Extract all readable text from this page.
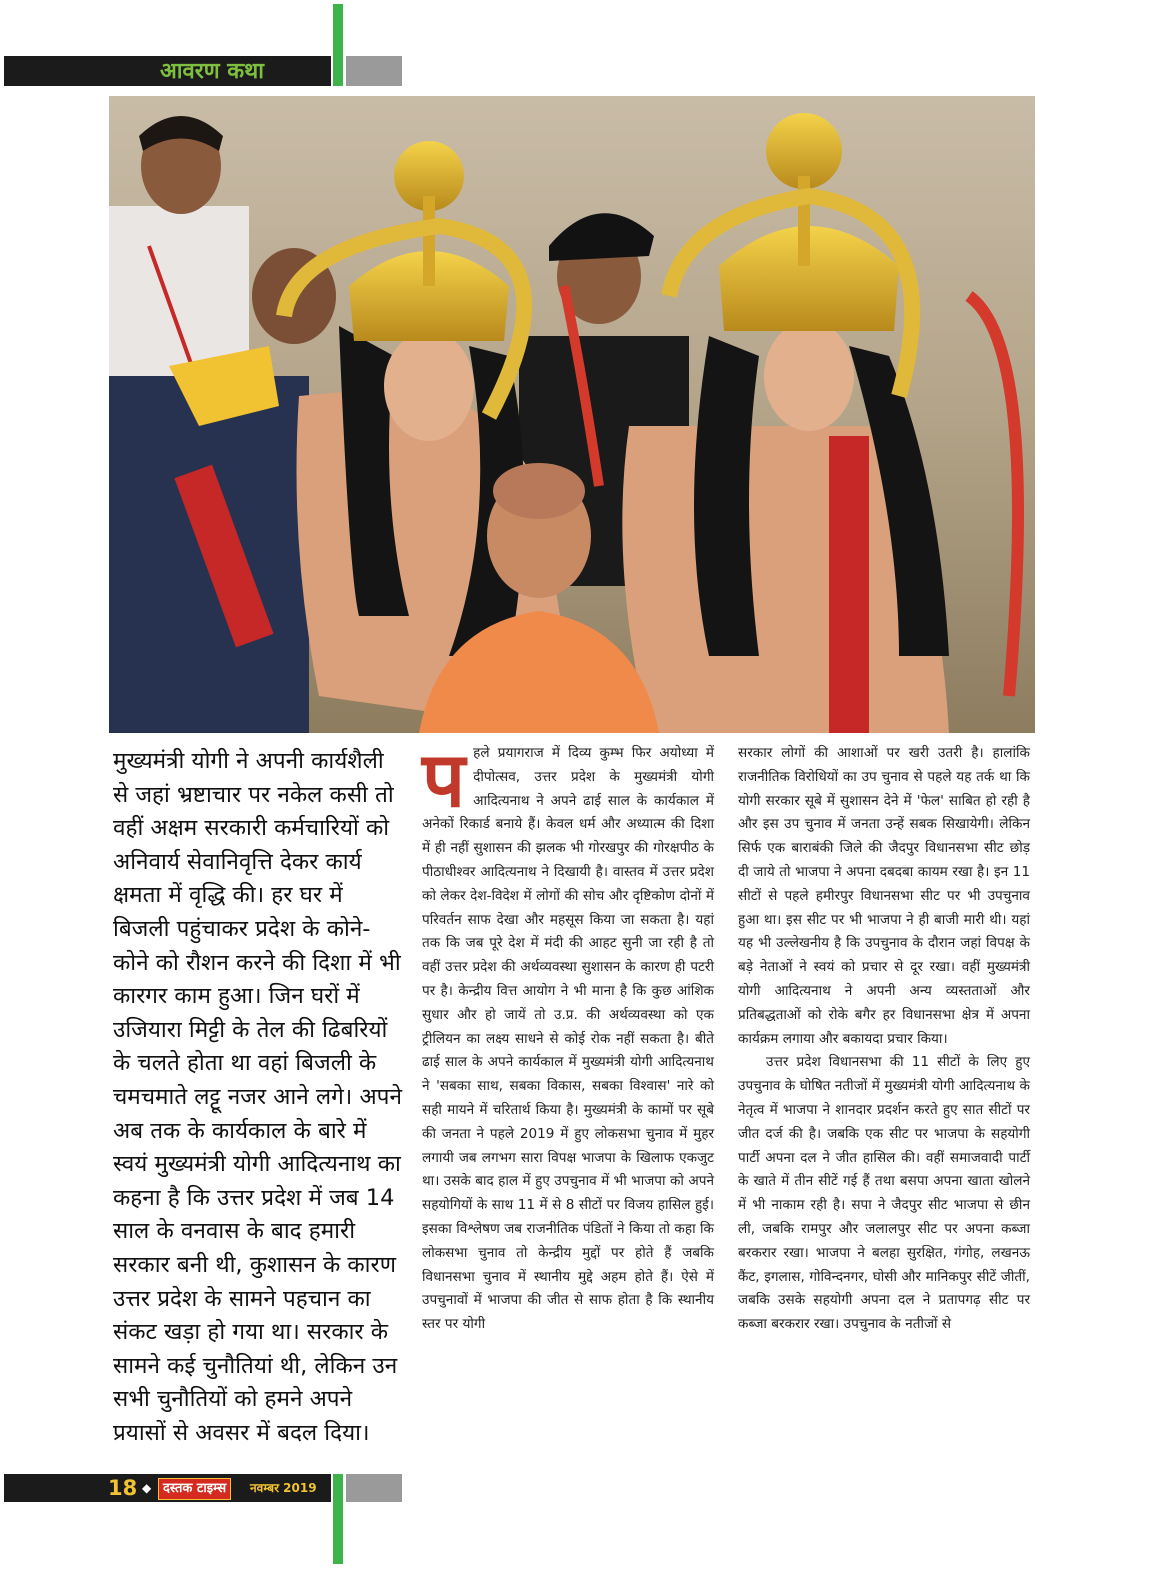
आवरण कथा
मुख्यमंत्री योगी ने अपनी कार्यशैली से जहां भ्रष्टाचार पर नकेल कसी तो वहीं अक्षम सरकारी कर्मचारियों को अनिवार्य सेवानिवृत्ति देकर कार्य क्षमता में वृद्धि की। हर घर में बिजली पहुंचाकर प्रदेश के कोने-कोने को रौशन करने की दिशा में भी कारगर काम हुआ। जिन घरों में उजियारा मिट्टी के तेल की ढिबरियों के चलते होता था वहां बिजली के चमचमाते लट्टू नजर आने लगे। अपने अब तक के कार्यकाल के बारे में स्वयं मुख्यमंत्री योगी आदित्यनाथ का कहना है कि उत्तर प्रदेश में जब 14 साल के वनवास के बाद हमारी सरकार बनी थी, कुशासन के कारण उत्तर प्रदेश के सामने पहचान का संकट खड़ा हो गया था। सरकार के सामने कई चुनौतियां थी, लेकिन उन सभी चुनौतियों को हमने अपने प्रयासों से अवसर में बदल दिया।

पहले प्रयागराज में दिव्य कुम्भ फिर अयोध्या में दीपोत्सव, उत्तर प्रदेश के मुख्यमंत्री योगी आदित्यनाथ ने अपने ढाई साल के कार्यकाल में अनेकों रिकार्ड बनाये हैं। केवल धर्म और अध्यात्म की दिशा में ही नहीं सुशासन की झलक भी गोरखपुर की गोरक्षपीठ के पीठाधीश्वर आदित्यनाथ ने दिखायी है। वास्तव में उत्तर प्रदेश को लेकर देश-विदेश में लोगों की सोच और दृष्टिकोण दोनों में परिवर्तन साफ देखा और महसूस किया जा सकता है। यहां तक कि जब पूरे देश में मंदी की आहट सुनी जा रही है तो वहीं उत्तर प्रदेश की अर्थव्यवस्था सुशासन के कारण ही पटरी पर है। केन्द्रीय वित्त आयोग ने भी माना है कि कुछ आंशिक सुधार और हो जायें तो उ.प्र. की अर्थव्यवस्था को एक ट्रीलियन का लक्ष्य साधने से कोई रोक नहीं सकता है। बीते ढाई साल के अपने कार्यकाल में मुख्यमंत्री योगी आदित्यनाथ ने 'सबका साथ, सबका विकास, सबका विश्वास' नारे को सही मायने में चरितार्थ किया है। मुख्यमंत्री के कामों पर सूबे की जनता ने पहले 2019 में हुए लोकसभा चुनाव में मुहर लगायी जब लगभग सारा विपक्ष भाजपा के खिलाफ एकजुट था। उसके बाद हाल में हुए उपचुनाव में भी भाजपा को अपने सहयोगियों के साथ 11 में से 8 सीटों पर विजय हासिल हुई। इसका विश्लेषण जब राजनीतिक पंडितों ने किया तो कहा कि लोकसभा चुनाव तो केन्द्रीय मुद्दों पर होते हैं जबकि विधानसभा चुनाव में स्थानीय मुद्दे अहम होते हैं। ऐसे में उपचुनावों में भाजपा की जीत से साफ होता है कि स्थानीय स्तर पर योगी

सरकार लोगों की आशाओं पर खरी उतरी है। हालांकि राजनीतिक विरोधियों का उप चुनाव से पहले यह तर्क था कि योगी सरकार सूबे में सुशासन देने में 'फेल' साबित हो रही है और इस उप चुनाव में जनता उन्हें सबक सिखायेगी। लेकिन सिर्फ एक बाराबंकी जिले की जैदपुर विधानसभा सीट छोड़ दी जाये तो भाजपा ने अपना दबदबा कायम रखा है। इन 11 सीटों से पहले हमीरपुर विधानसभा सीट पर भी उपचुनाव हुआ था। इस सीट पर भी भाजपा ने ही बाजी मारी थी। यहां यह भी उल्लेखनीय है कि उपचुनाव के दौरान जहां विपक्ष के बड़े नेताओं ने स्वयं को प्रचार से दूर रखा। वहीं मुख्यमंत्री योगी आदित्यनाथ ने अपनी अन्य व्यस्तताओं और प्रतिबद्धताओं को रोके बगैर हर विधानसभा क्षेत्र में अपना कार्यक्रम लगाया और बकायदा प्रचार किया।

उत्तर प्रदेश विधानसभा की 11 सीटों के लिए हुए उपचुनाव के घोषित नतीजों में मुख्यमंत्री योगी आदित्यनाथ के नेतृत्व में भाजपा ने शानदार प्रदर्शन करते हुए सात सीटों पर जीत दर्ज की है। जबकि एक सीट पर भाजपा के सहयोगी पार्टी अपना दल ने जीत हासिल की। वहीं समाजवादी पार्टी के खाते में तीन सीटें गई हैं तथा बसपा अपना खाता खोलने में भी नाकाम रही है। सपा ने जैदपुर सीट भाजपा से छीन ली, जबकि रामपुर और जलालपुर सीट पर अपना कब्जा बरकरार रखा। भाजपा ने बलहा सुरक्षित, गंगोह, लखनऊ कैंट, इगलास, गोविन्दनगर, घोसी और मानिकपुर सीटें जीतीं, जबकि उसके सहयोगी अपना दल ने प्रतापगढ़ सीट पर कब्जा बरकरार रखा। उपचुनाव के नतीजों से

18 ◆ दस्तक टाइम्स	नवम्बर 2019
